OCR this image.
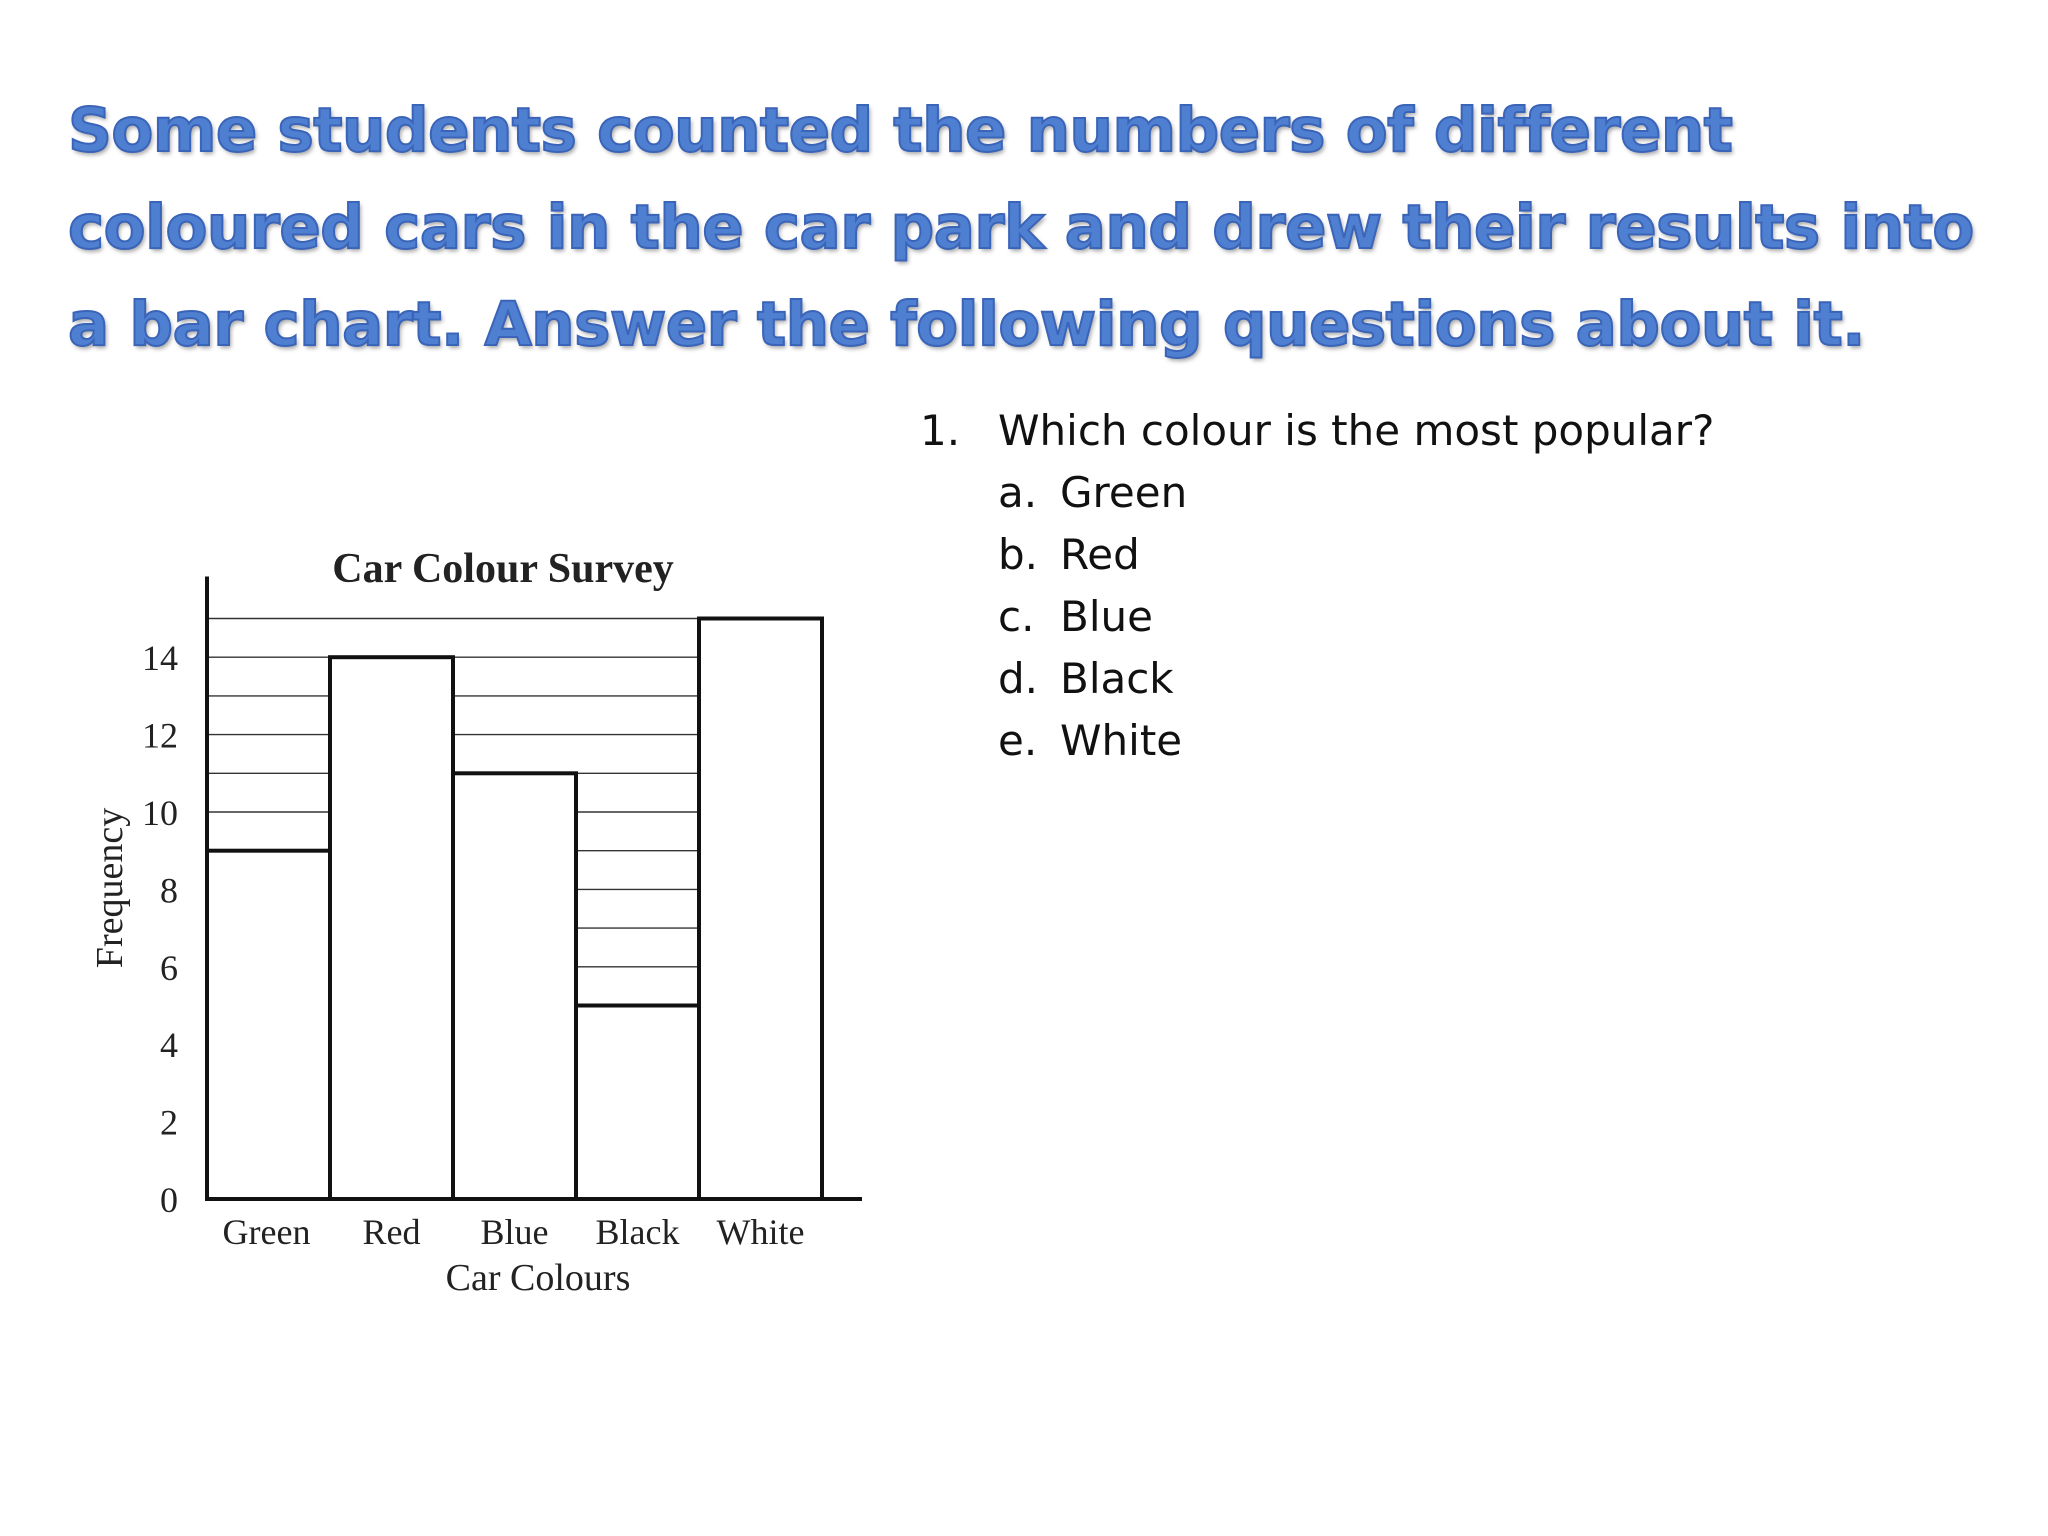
Some students counted the numbers of different
coloured cars in the car park and drew their results into
a bar chart. Answer the following questions about it.
0
2
4
6
8
10
12
14
Green Red Blue Black White
Car Colour Survey
Car Colours
Frequency
1. Which colour is the most popular?
a. Green
b. Red
c. Blue
d. Black
e. White
